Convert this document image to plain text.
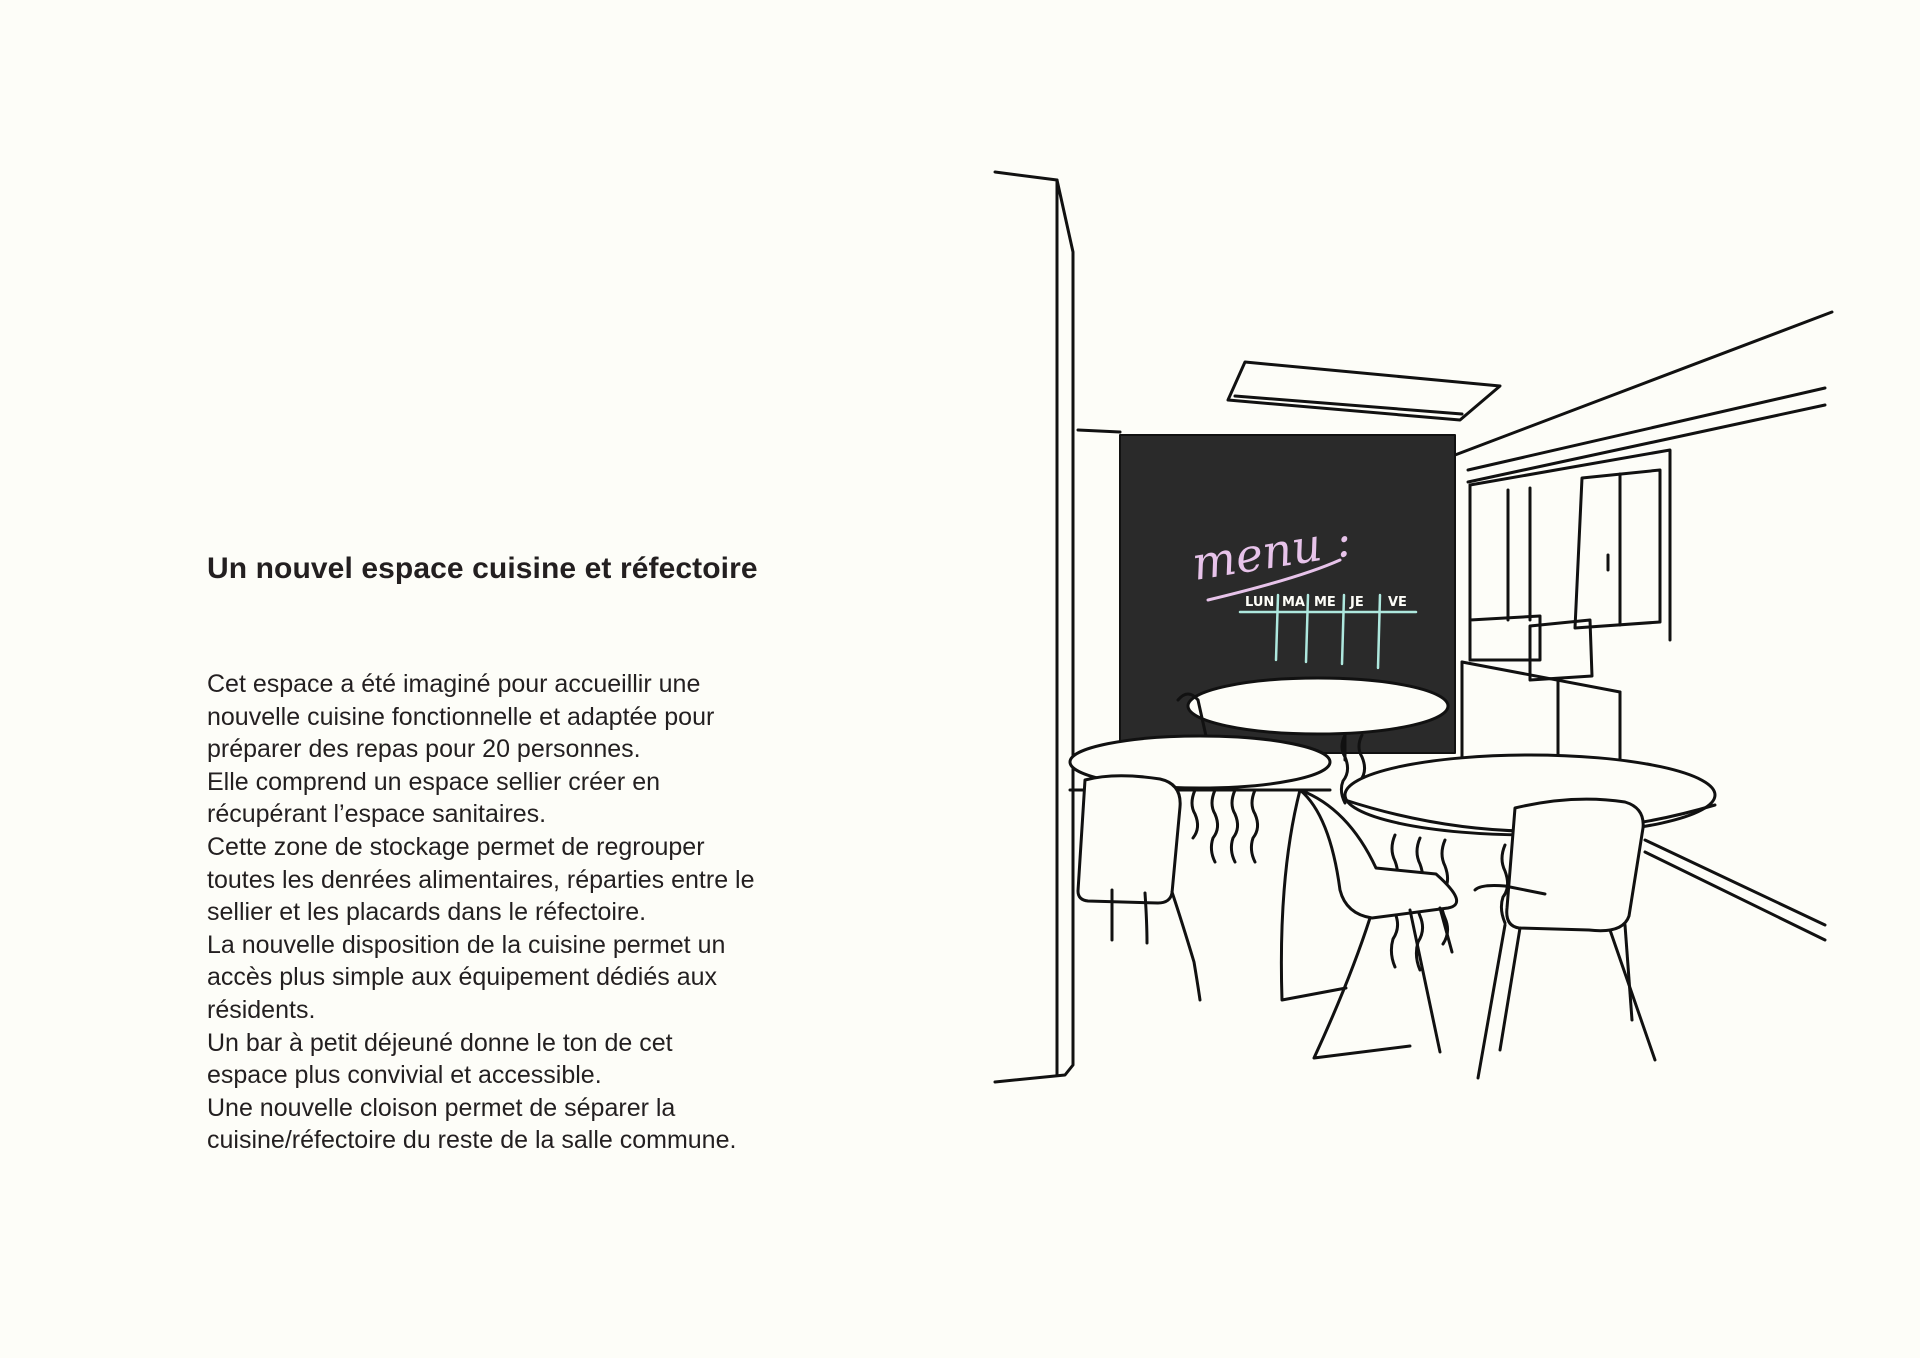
Un nouvel espace cuisine et réfectoire
Cet espace a été imaginé pour accueillir une
nouvelle cuisine fonctionnelle et adaptée pour
préparer des repas pour 20 personnes.
Elle comprend un espace sellier créer en
récupérant l’espace sanitaires.
Cette zone de stockage permet de regrouper
toutes les denrées alimentaires, réparties entre le
sellier et les placards dans le réfectoire.
La nouvelle disposition de la cuisine permet un
accès plus simple aux équipement dédiés aux
résidents.
Un bar à petit déjeuné donne le ton de cet
espace plus convivial et accessible.
Une nouvelle cloison permet de séparer la
cuisine/réfectoire du reste de la salle commune.
menu :
LUN MA ME JE VE
